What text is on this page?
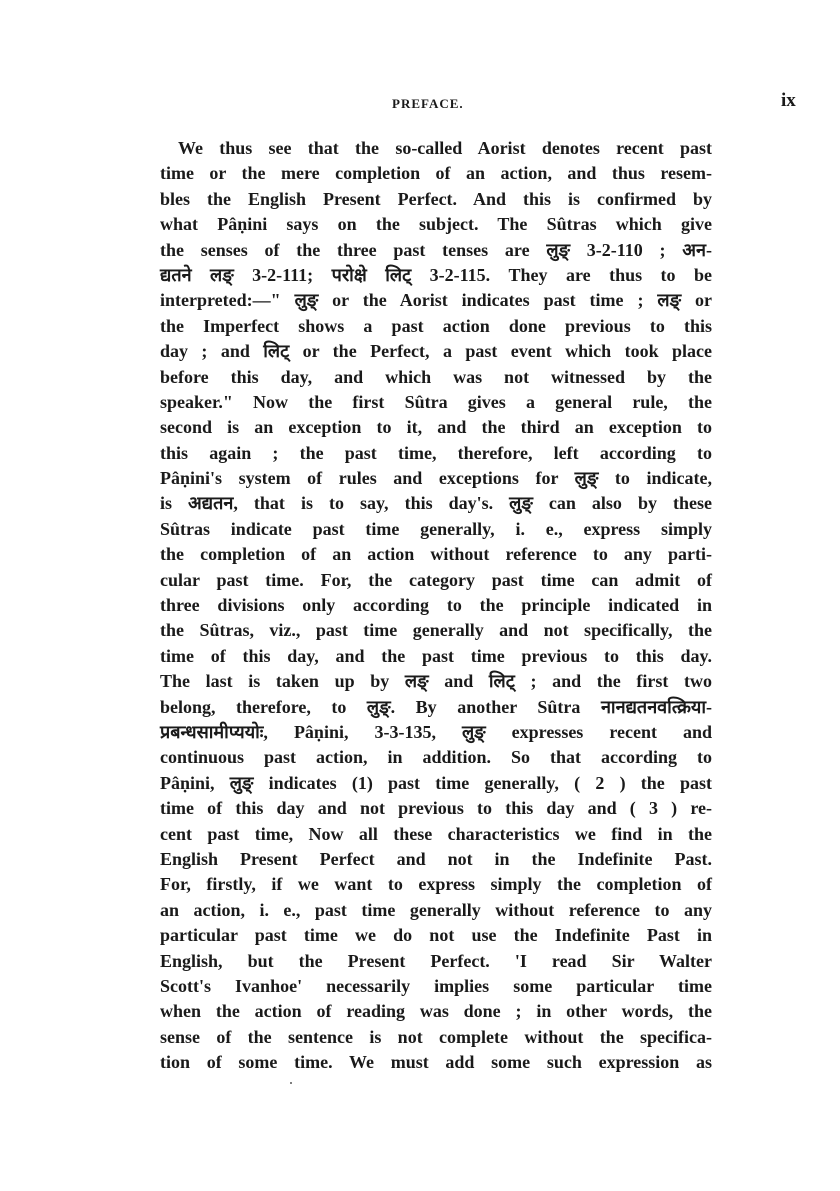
PREFACE.	ix
We thus see that the so-called Aorist denotes recent past
time or the mere completion of an action, and thus resem-
bles the English Present Perfect. And this is confirmed by
what Pâṇini says on the subject. The Sûtras which give
the senses of the three past tenses are लुङ् 3-2-110 ; अन-
द्यतने लङ् 3-2-111; परोक्षे लिट् 3-2-115. They are thus to be
interpreted:—" लुङ् or the Aorist indicates past time ; लङ् or
the Imperfect shows a past action done previous to this
day ; and लिट् or the Perfect, a past event which took place
before this day, and which was not witnessed by the
speaker." Now the first Sûtra gives a general rule, the
second is an exception to it, and the third an exception to
this again ; the past time, therefore, left according to
Pâṇini's system of rules and exceptions for लुङ् to indicate,
is अद्यतन, that is to say, this day's. लुङ् can also by these
Sûtras indicate past time generally, i. e., express simply
the completion of an action without reference to any parti-
cular past time. For, the category past time can admit of
three divisions only according to the principle indicated in
the Sûtras, viz., past time generally and not specifically, the
time of this day, and the past time previous to this day.
The last is taken up by लङ् and लिट् ; and the first two
belong, therefore, to लुङ्. By another Sûtra नानद्यतनवत्क्रिया-
प्रबन्धसामीप्ययोः, Pâṇini, 3-3-135, लुङ् expresses recent and
continuous past action, in addition. So that according to
Pâṇini, लुङ् indicates (1) past time generally, ( 2 ) the past
time of this day and not previous to this day and ( 3 ) re-
cent past time, Now all these characteristics we find in the
English Present Perfect and not in the Indefinite Past.
For, firstly, if we want to express simply the completion of
an action, i. e., past time generally without reference to any
particular past time we do not use the Indefinite Past in
English, but the Present Perfect. 'I read Sir Walter
Scott's Ivanhoe' necessarily implies some particular time
when the action of reading was done ; in other words, the
sense of the sentence is not complete without the specifica-
tion of some time. We must add some such expression as
